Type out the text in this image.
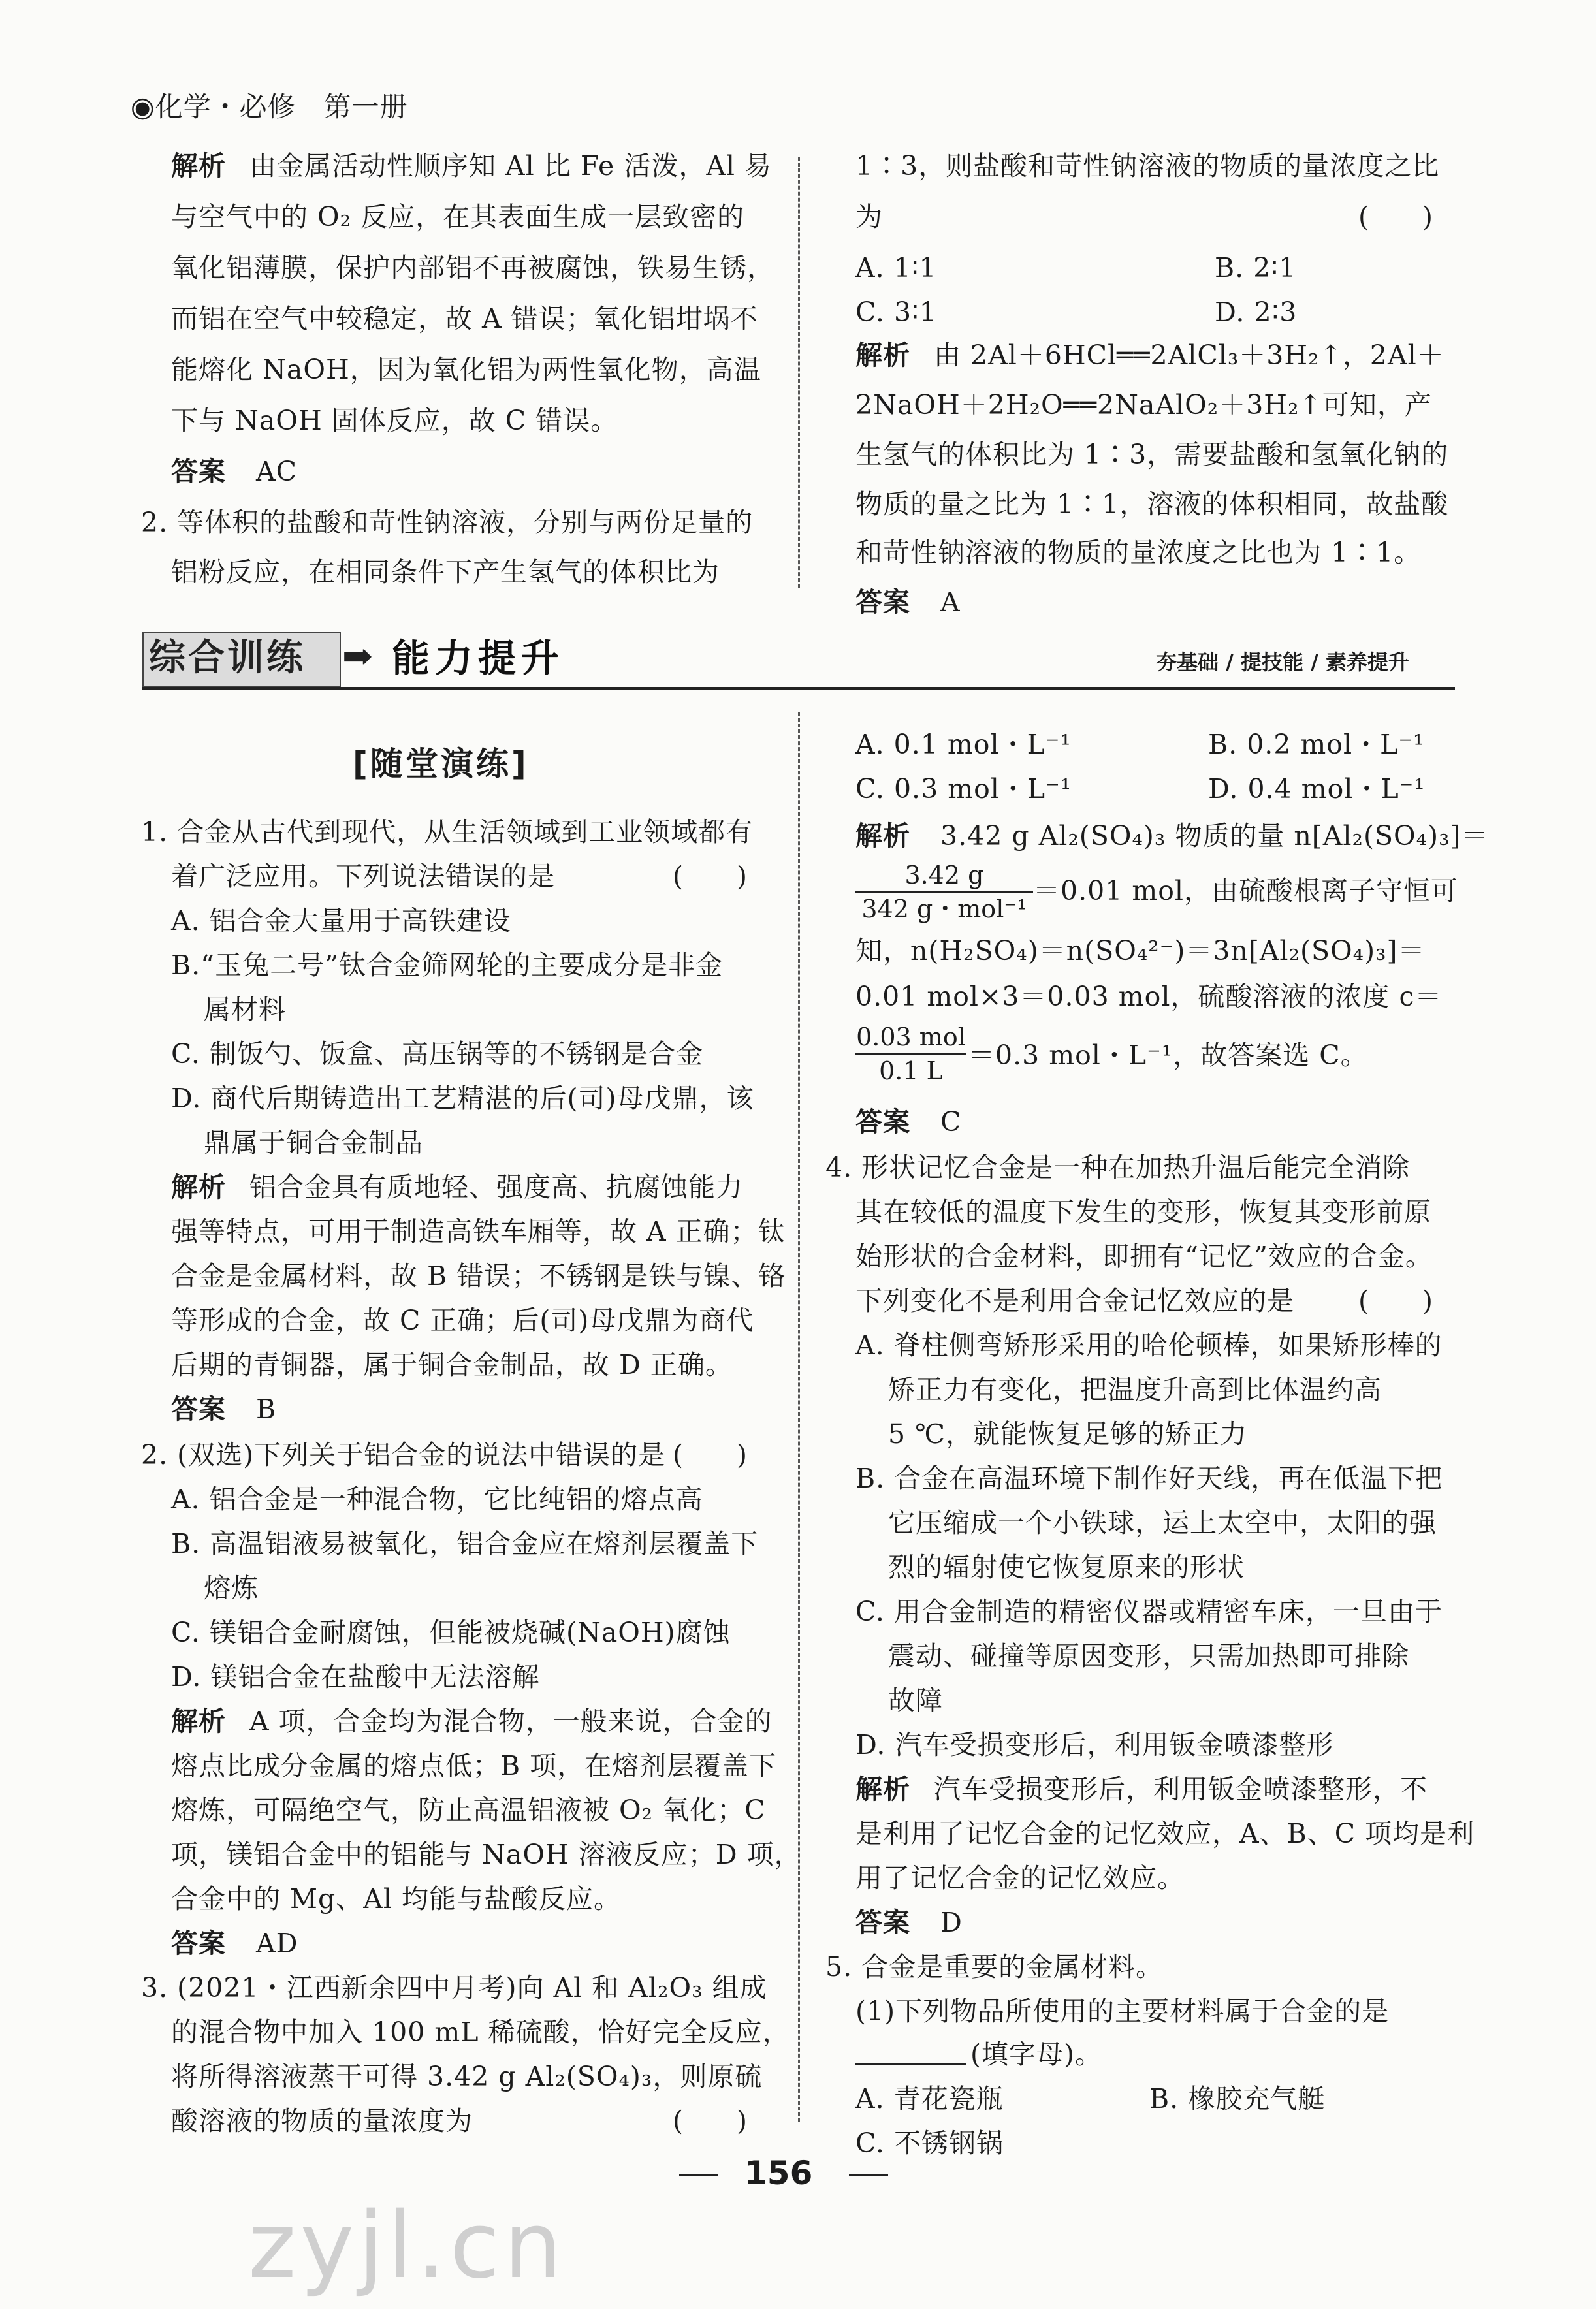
◉化学・必修　第一册
解析 由金属活动性顺序知 Al 比 Fe 活泼，Al 易
与空气中的 O₂ 反应，在其表面生成一层致密的
氧化铝薄膜，保护内部铝不再被腐蚀，铁易生锈，
而铝在空气中较稳定，故 A 错误；氧化铝坩埚不
能熔化 NaOH，因为氧化铝为两性氧化物，高温
下与 NaOH 固体反应，故 C 错误。
答案 AC
2. 等体积的盐酸和苛性钠溶液，分别与两份足量的
铝粉反应，在相同条件下产生氢气的体积比为
1∶3，则盐酸和苛性钠溶液的物质的量浓度之比
为	(　　)
A. 1∶1	B. 2∶1
C. 3∶1	D. 2∶3
解析 由 2Al＋6HCl══2AlCl₃＋3H₂↑，2Al＋
2NaOH＋2H₂O══2NaAlO₂＋3H₂↑可知，产
生氢气的体积比为 1∶3，需要盐酸和氢氧化钠的
物质的量之比为 1∶1，溶液的体积相同，故盐酸
和苛性钠溶液的物质的量浓度之比也为 1∶1。
答案 A
综合训练 ➡ 能力提升	夯基础 / 提技能 / 素养提升
[随堂演练]
1. 合金从古代到现代，从生活领域到工业领域都有
着广泛应用。下列说法错误的是	(　　)
A. 铝合金大量用于高铁建设
B.“玉兔二号”钛合金筛网轮的主要成分是非金
属材料
C. 制饭勺、饭盒、高压锅等的不锈钢是合金
D. 商代后期铸造出工艺精湛的后(司)母戊鼎，该
鼎属于铜合金制品
解析 铝合金具有质地轻、强度高、抗腐蚀能力
强等特点，可用于制造高铁车厢等，故 A 正确；钛
合金是金属材料，故 B 错误；不锈钢是铁与镍、铬
等形成的合金，故 C 正确；后(司)母戊鼎为商代
后期的青铜器，属于铜合金制品，故 D 正确。
答案 B
2. (双选)下列关于铝合金的说法中错误的是 (　　)
A. 铝合金是一种混合物，它比纯铝的熔点高
B. 高温铝液易被氧化，铝合金应在熔剂层覆盖下
熔炼
C. 镁铝合金耐腐蚀，但能被烧碱(NaOH)腐蚀
D. 镁铝合金在盐酸中无法溶解
解析 A 项，合金均为混合物，一般来说，合金的
熔点比成分金属的熔点低；B 项，在熔剂层覆盖下
熔炼，可隔绝空气，防止高温铝液被 O₂ 氧化；C
项，镁铝合金中的铝能与 NaOH 溶液反应；D 项，
合金中的 Mg、Al 均能与盐酸反应。
答案 AD
3. (2021・江西新余四中月考)向 Al 和 Al₂O₃ 组成
的混合物中加入 100 mL 稀硫酸，恰好完全反应，
将所得溶液蒸干可得 3.42 g Al₂(SO₄)₃，则原硫
酸溶液的物质的量浓度为	(　　)
A. 0.1 mol・L⁻¹	B. 0.2 mol・L⁻¹
C. 0.3 mol・L⁻¹	D. 0.4 mol・L⁻¹
解析 3.42 g Al₂(SO₄)₃ 物质的量 n[Al₂(SO₄)₃]＝
3.42 g
342 g・mol⁻¹
＝0.01 mol，由硫酸根离子守恒可
知，n(H₂SO₄)＝n(SO₄²⁻)＝3n[Al₂(SO₄)₃]＝
0.01 mol×3＝0.03 mol，硫酸溶液的浓度 c＝
0.03 mol
0.1 L ＝0.3 mol・L⁻¹，故答案选 C。
答案 C
4. 形状记忆合金是一种在加热升温后能完全消除
其在较低的温度下发生的变形，恢复其变形前原
始形状的合金材料，即拥有“记忆”效应的合金。
下列变化不是利用合金记忆效应的是 (　　)
A. 脊柱侧弯矫形采用的哈伦顿棒，如果矫形棒的
矫正力有变化，把温度升高到比体温约高
5 ℃，就能恢复足够的矫正力
B. 合金在高温环境下制作好天线，再在低温下把
它压缩成一个小铁球，运上太空中，太阳的强
烈的辐射使它恢复原来的形状
C. 用合金制造的精密仪器或精密车床，一旦由于
震动、碰撞等原因变形，只需加热即可排除
故障
D. 汽车受损变形后，利用钣金喷漆整形
解析 汽车受损变形后，利用钣金喷漆整形，不
是利用了记忆合金的记忆效应，A、B、C 项均是利
用了记忆合金的记忆效应。
答案 D
5. 合金是重要的金属材料。
(1)下列物品所使用的主要材料属于合金的是
(填字母)。
A. 青花瓷瓶	B. 橡胶充气艇
C. 不锈钢锅
156
zyjl.cn
